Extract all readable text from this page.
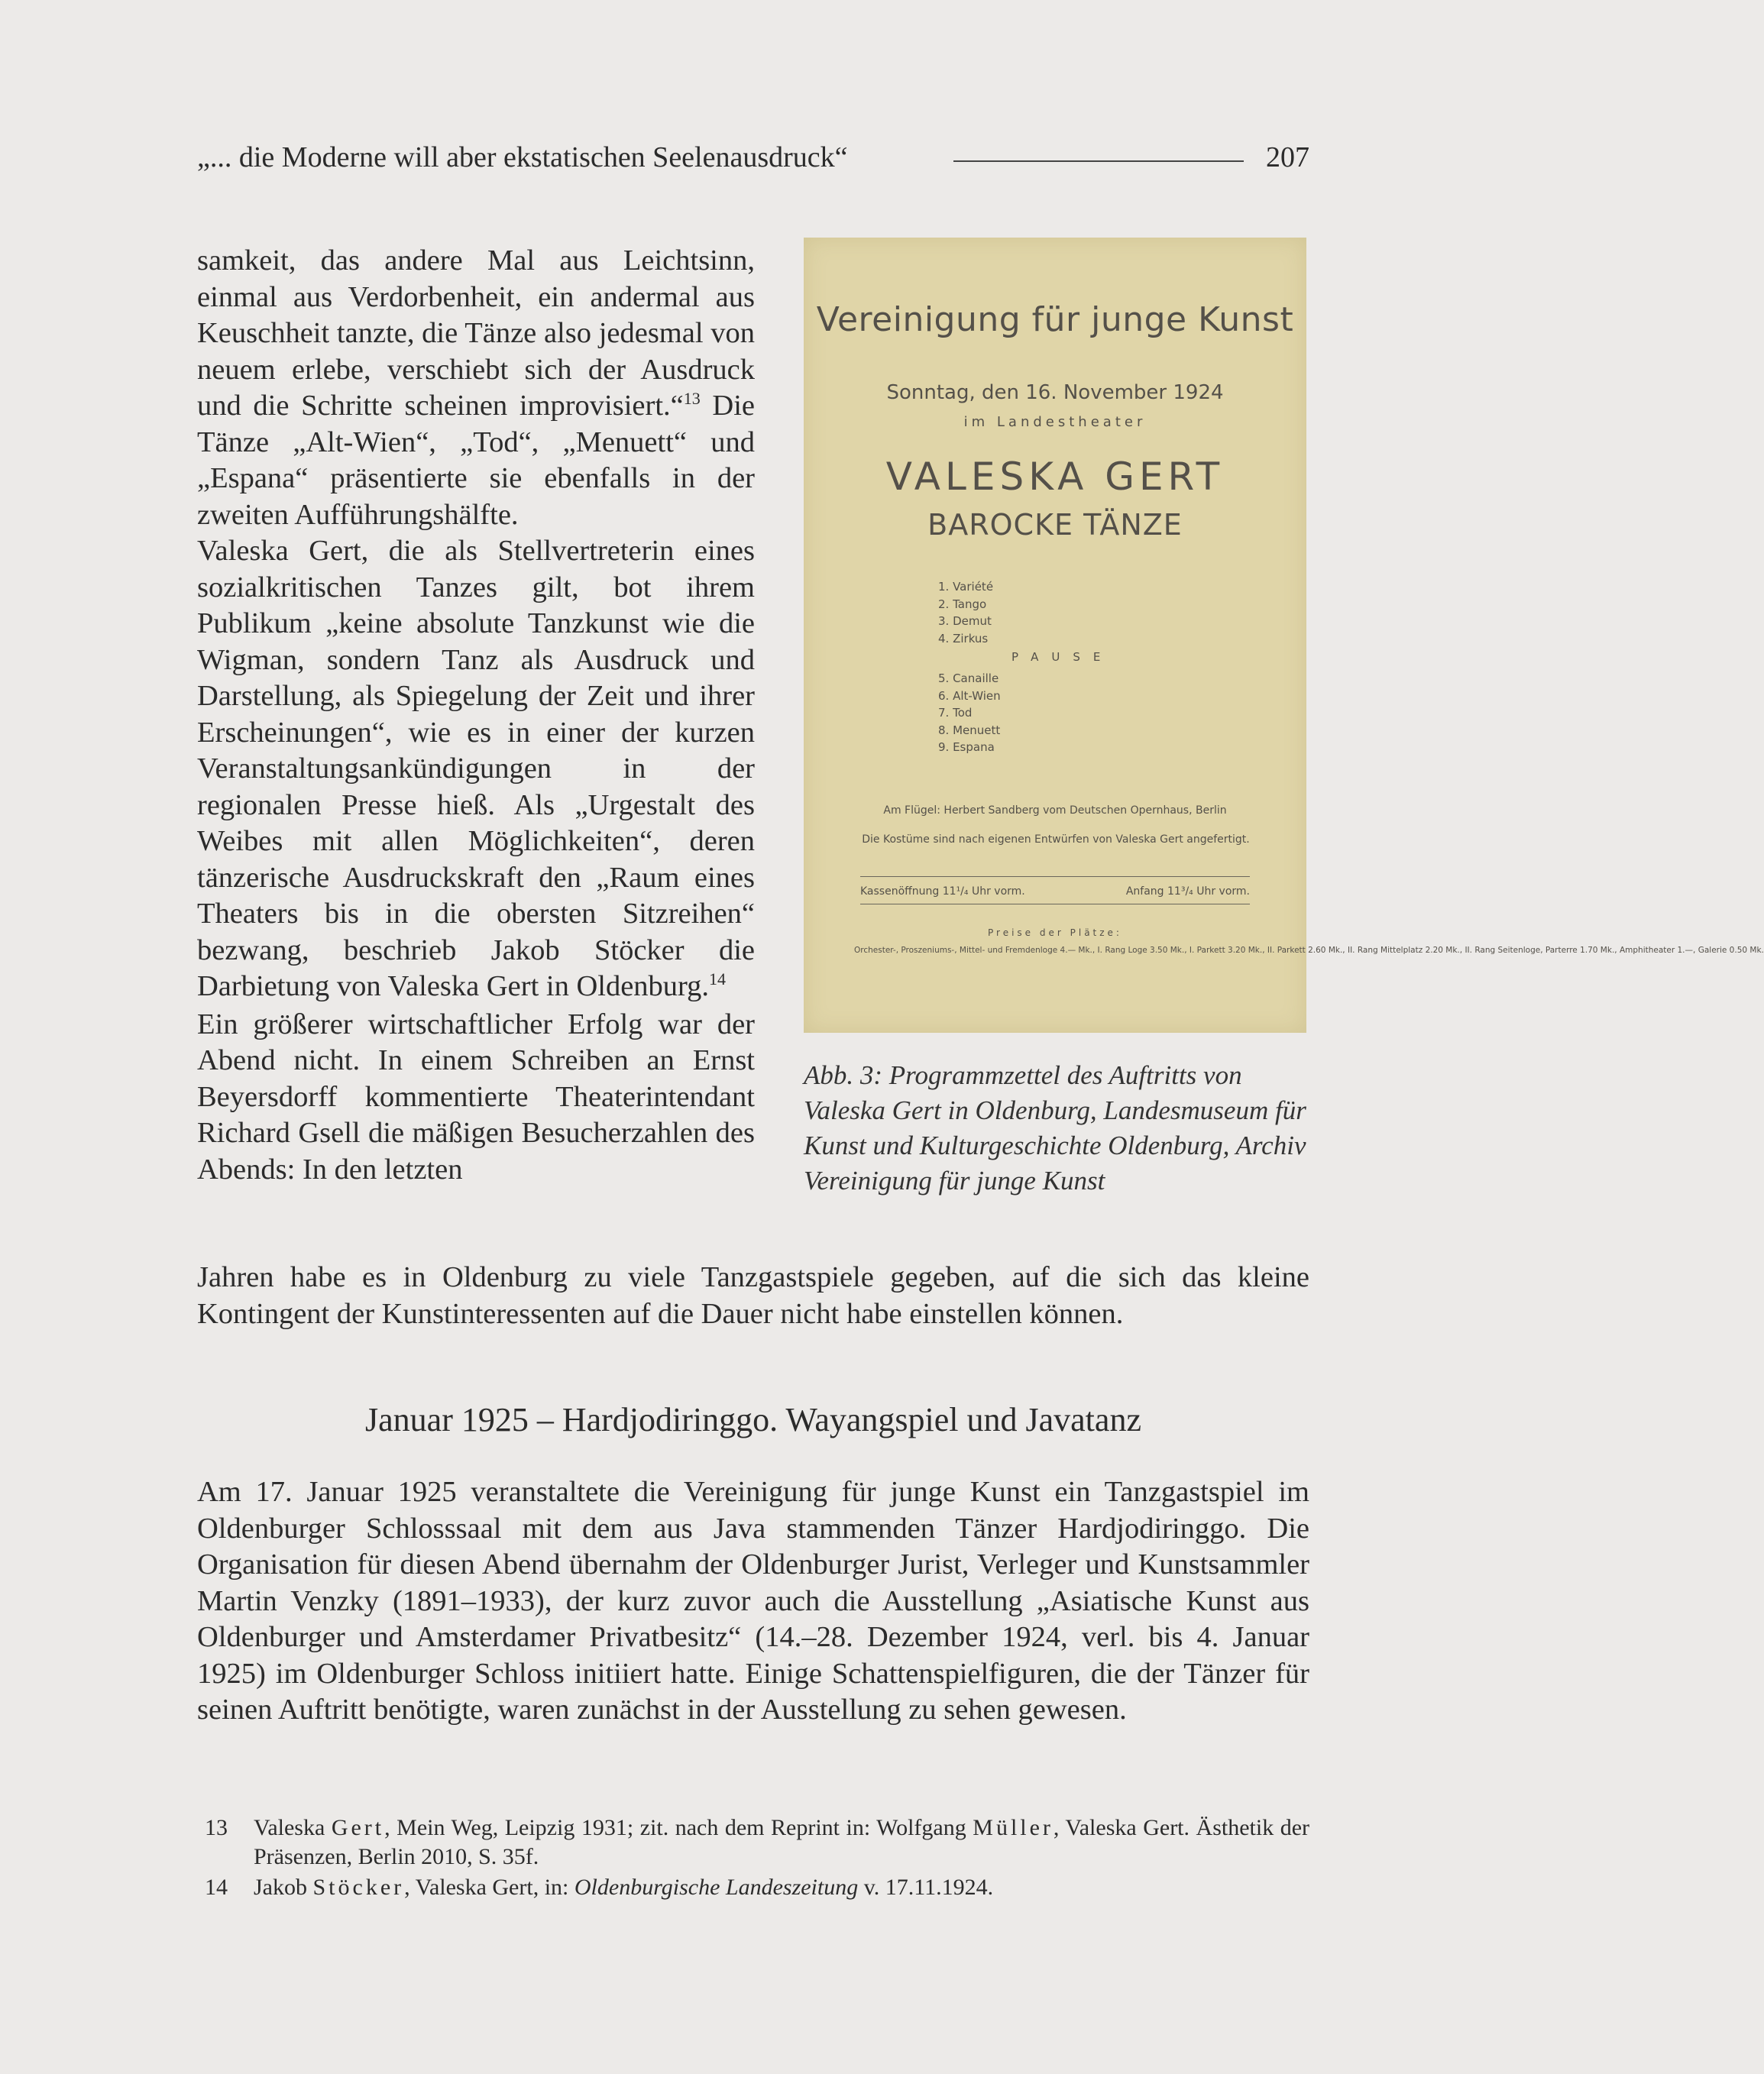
„... die Moderne will aber ekstatischen Seelenausdruck“	207

samkeit, das andere Mal aus Leichtsinn, einmal aus Verdorbenheit, ein andermal aus Keuschheit tanzte, die Tänze also jedesmal von neuem erlebe, verschiebt sich der Ausdruck und die Schritte scheinen improvisiert.“$^{13}$ Die Tänze „Alt-Wien“, „Tod“, „Menuett“ und „Espana“ präsentierte sie ebenfalls in der zweiten Aufführungshälfte.

Valeska Gert, die als Stellvertreterin eines sozialkritischen Tanzes gilt, bot ihrem Publikum „keine absolute Tanzkunst wie die Wigman, sondern Tanz als Ausdruck und Darstellung, als Spiegelung der Zeit und ihrer Erscheinungen“, wie es in einer der kurzen Veranstaltungsankündigungen in der regionalen Presse hieß. Als „Urgestalt des Weibes mit allen Möglichkeiten“, deren tänzerische Ausdruckskraft den „Raum eines Theaters bis in die obersten Sitzreihen“ bezwang, beschrieb Jakob Stöcker die Darbietung von Valeska Gert in Oldenburg.$^{14}$

Ein größerer wirtschaftlicher Erfolg war der Abend nicht. In einem Schreiben an Ernst Beyersdorff kommentierte Theaterintendant Richard Gsell die mäßigen Besucherzahlen des Abends: In den letzten

Vereinigung für junge Kunst
Sonntag, den 16. November 1924
im Landestheater
VALESKA GERT
BAROCKE TÄNZE
1. Variété
2. Tango
3. Demut
4. Zirkus
PAUSE
5. Canaille
6. Alt-Wien
7. Tod
8. Menuett
9. Espana
Am Flügel: Herbert Sandberg vom Deutschen Opernhaus, Berlin
Die Kostüme sind nach eigenen Entwürfen von Valeska Gert angefertigt.
Kassenöffnung 11¹/₄ Uhr vorm.	Anfang 11³/₄ Uhr vorm.
Preise der Plätze:
Orchester-, Proszeniums-, Mittel- und Fremdenloge 4.— Mk., I. Rang Loge 3.50 Mk., I. Parkett 3.20 Mk., II. Parkett 2.60 Mk., II. Rang Mittelplatz 2.20 Mk., II. Rang Seitenloge, Parterre 1.70 Mk., Amphitheater 1.—, Galerie 0.50 Mk.
Abb. 3: Programmzettel des Auftritts von Valeska Gert in Oldenburg, Landesmuseum für Kunst und Kulturgeschichte Oldenburg, Archiv Vereinigung für junge Kunst

Jahren habe es in Oldenburg zu viele Tanzgastspiele gegeben, auf die sich das kleine Kontingent der Kunstinteressenten auf die Dauer nicht habe einstellen können.

Januar 1925 – Hardjodiringgo. Wayangspiel und Javatanz

Am 17. Januar 1925 veranstaltete die Vereinigung für junge Kunst ein Tanzgastspiel im Oldenburger Schlosssaal mit dem aus Java stammenden Tänzer Hardjodiringgo. Die Organisation für diesen Abend übernahm der Oldenburger Jurist, Verleger und Kunstsammler Martin Venzky (1891–1933), der kurz zuvor auch die Ausstellung „Asiatische Kunst aus Oldenburger und Amsterdamer Privatbesitz“ (14.–28. Dezember 1924, verl. bis 4. Januar 1925) im Oldenburger Schloss initiiert hatte. Einige Schattenspielfiguren, die der Tänzer für seinen Auftritt benötigte, waren zunächst in der Ausstellung zu sehen gewesen.

13 Valeska Gert, Mein Weg, Leipzig 1931; zit. nach dem Reprint in: Wolfgang Müller, Valeska Gert. Ästhetik der Präsenzen, Berlin 2010, S. 35f.

14 Jakob Stöcker, Valeska Gert, in: Oldenburgische Landeszeitung v. 17.11.1924.
